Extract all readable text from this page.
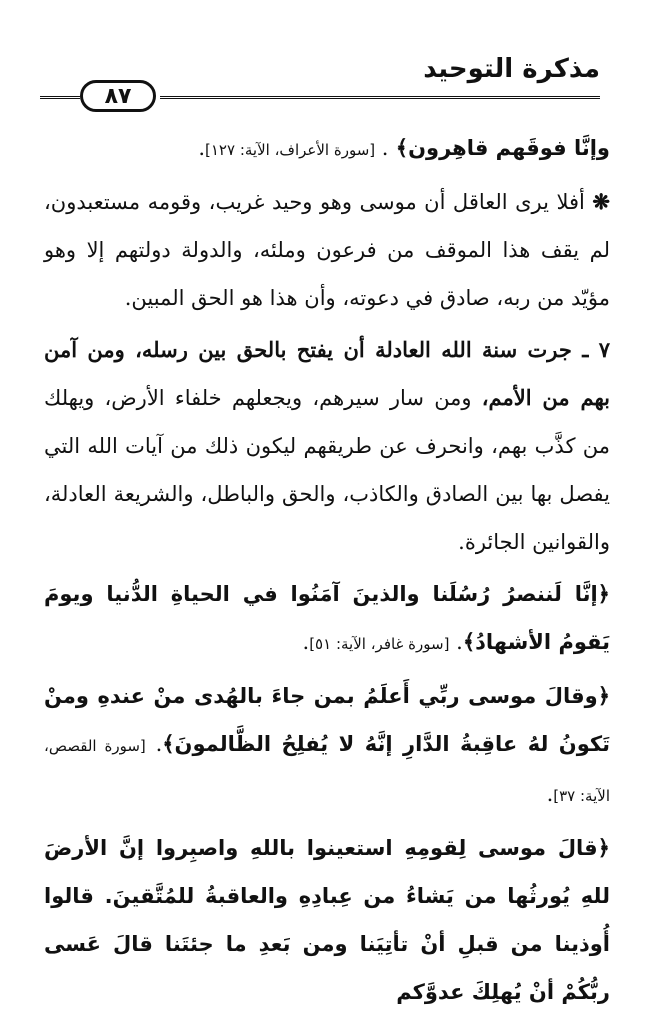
مذكرة التوحيد
٨٧

وإنَّا فوقَهم قاهِرون﴾ . [سورة الأعراف، الآية: ١٢٧].

❋ أفلا يرى العاقل أن موسى وهو وحيد غريب، وقومه مستعبدون، لم يقف هذا الموقف من فرعون وملئه، والدولة دولتهم إلا وهو مؤيّد من ربه، صادق في دعوته، وأن هذا هو الحق المبين.

٧ ـ جرت سنة الله العادلة أن يفتح بالحق بين رسله، ومن آمن بهم من الأمم، ومن سار سيرهم، ويجعلهم خلفاء الأرض، ويهلك من كذَّب بهم، وانحرف عن طريقهم ليكون ذلك من آيات الله التي يفصل بها بين الصادق والكاذب، والحق والباطل، والشريعة العادلة، والقوانين الجائرة.

﴿إنَّا لَننصرُ رُسُلَنا والذينَ آمَنُوا في الحياةِ الدُّنيا ويومَ يَقومُ الأشهادُ﴾. [سورة غافر، الآية: ٥١].

﴿وقالَ موسى ربِّي أَعلَمُ بمن جاءَ بالهُدى منْ عندهِ ومنْ تَكونُ لهُ عاقِبةُ الدَّارِ إنَّهُ لا يُفلِحُ الظَّالمونَ﴾. [سورة القصص، الآية: ٣٧].

﴿قالَ موسى لِقومِهِ استعينوا باللهِ واصبِروا إنَّ الأرضَ للهِ يُورثُها من يَشاءُ من عِبادِهِ والعاقبةُ للمُتَّقينَ. قالوا أُوذينا من قبلِ أنْ تأتِيَنا ومن بَعدِ ما جئتَنا قالَ عَسى ربُّكُمْ أنْ يُهلِكَ عدوَّكم
